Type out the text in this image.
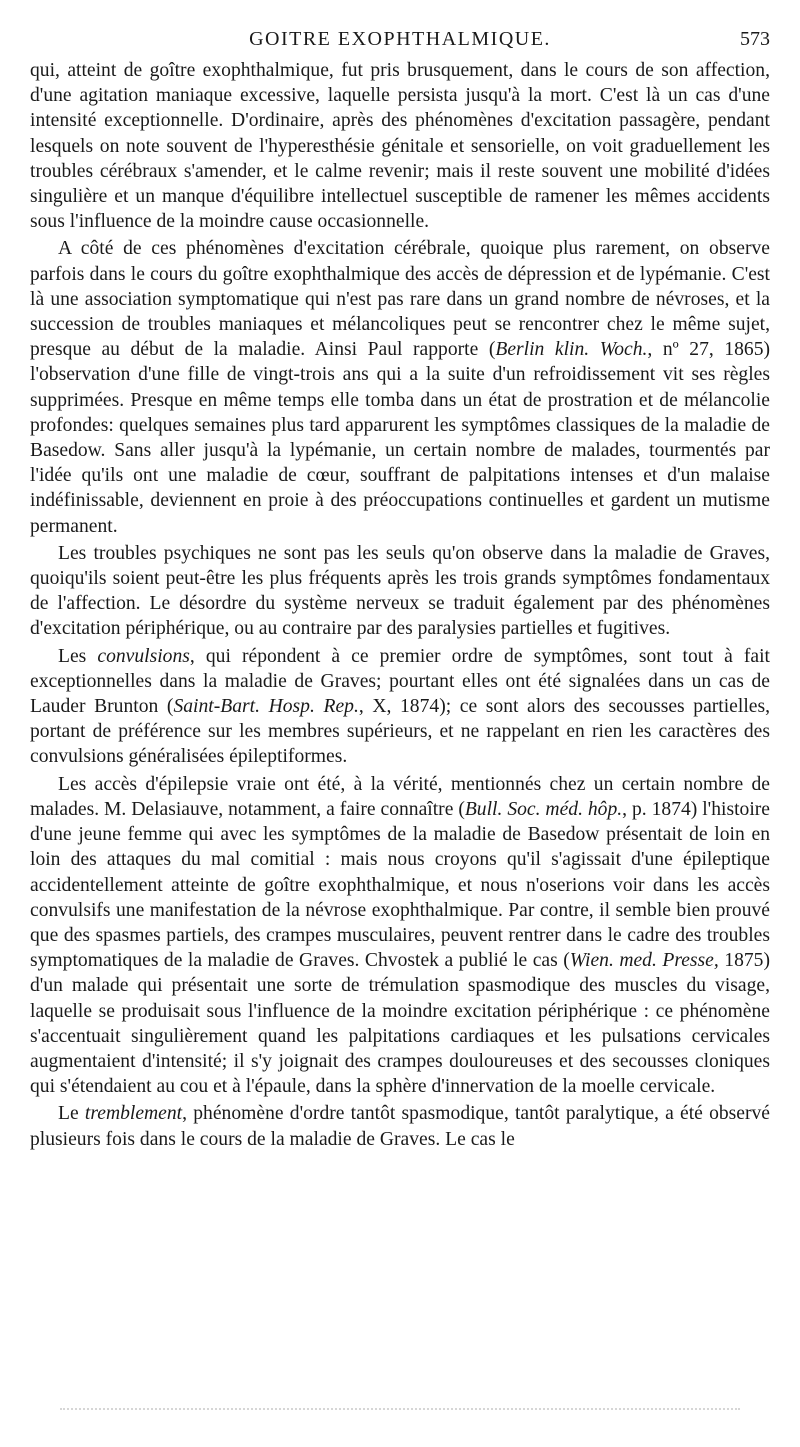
GOITRE EXOPHTHALMIQUE.	573

qui, atteint de goître exophthalmique, fut pris brusquement, dans le cours de son affection, d'une agitation maniaque excessive, laquelle persista jusqu'à la mort. C'est là un cas d'une intensité exceptionnelle. D'ordinaire, après des phénomènes d'excitation passagère, pendant lesquels on note souvent de l'hyperesthésie génitale et sensorielle, on voit graduellement les troubles cérébraux s'amender, et le calme revenir; mais il reste souvent une mobilité d'idées singulière et un manque d'équilibre intellectuel susceptible de ramener les mêmes accidents sous l'influence de la moindre cause occasionnelle.

A côté de ces phénomènes d'excitation cérébrale, quoique plus rarement, on observe parfois dans le cours du goître exophthalmique des accès de dépression et de lypémanie. C'est là une association symptomatique qui n'est pas rare dans un grand nombre de névroses, et la succession de troubles maniaques et mélancoliques peut se rencontrer chez le même sujet, presque au début de la maladie. Ainsi Paul rapporte (Berlin klin. Woch., nº 27, 1865) l'observation d'une fille de vingt-trois ans qui a la suite d'un refroidissement vit ses règles supprimées. Presque en même temps elle tomba dans un état de prostration et de mélancolie profondes: quelques semaines plus tard apparurent les symptômes classiques de la maladie de Basedow. Sans aller jusqu'à la lypémanie, un certain nombre de malades, tourmentés par l'idée qu'ils ont une maladie de cœur, souffrant de palpitations intenses et d'un malaise indéfinissable, deviennent en proie à des préoccupations continuelles et gardent un mutisme permanent.

Les troubles psychiques ne sont pas les seuls qu'on observe dans la maladie de Graves, quoiqu'ils soient peut-être les plus fréquents après les trois grands symptômes fondamentaux de l'affection. Le désordre du système nerveux se traduit également par des phénomènes d'excitation périphérique, ou au contraire par des paralysies partielles et fugitives.

Les convulsions, qui répondent à ce premier ordre de symptômes, sont tout à fait exceptionnelles dans la maladie de Graves; pourtant elles ont été signalées dans un cas de Lauder Brunton (Saint-Bart. Hosp. Rep., X, 1874); ce sont alors des secousses partielles, portant de préférence sur les membres supérieurs, et ne rappelant en rien les caractères des convulsions généralisées épileptiformes.

Les accès d'épilepsie vraie ont été, à la vérité, mentionnés chez un certain nombre de malades. M. Delasiauve, notamment, a faire connaître (Bull. Soc. méd. hôp., p. 1874) l'histoire d'une jeune femme qui avec les symptômes de la maladie de Basedow présentait de loin en loin des attaques du mal comitial : mais nous croyons qu'il s'agissait d'une épileptique accidentellement atteinte de goître exophthalmique, et nous n'oserions voir dans les accès convulsifs une manifestation de la névrose exophthalmique. Par contre, il semble bien prouvé que des spasmes partiels, des crampes musculaires, peuvent rentrer dans le cadre des troubles symptomatiques de la maladie de Graves. Chvostek a publié le cas (Wien. med. Presse, 1875) d'un malade qui présentait une sorte de trémulation spasmodique des muscles du visage, laquelle se produisait sous l'influence de la moindre excitation périphérique : ce phénomène s'accentuait singulièrement quand les palpitations cardiaques et les pulsations cervicales augmentaient d'intensité; il s'y joignait des crampes douloureuses et des secousses cloniques qui s'étendaient au cou et à l'épaule, dans la sphère d'innervation de la moelle cervicale.

Le tremblement, phénomène d'ordre tantôt spasmodique, tantôt paralytique, a été observé plusieurs fois dans le cours de la maladie de Graves. Le cas le
